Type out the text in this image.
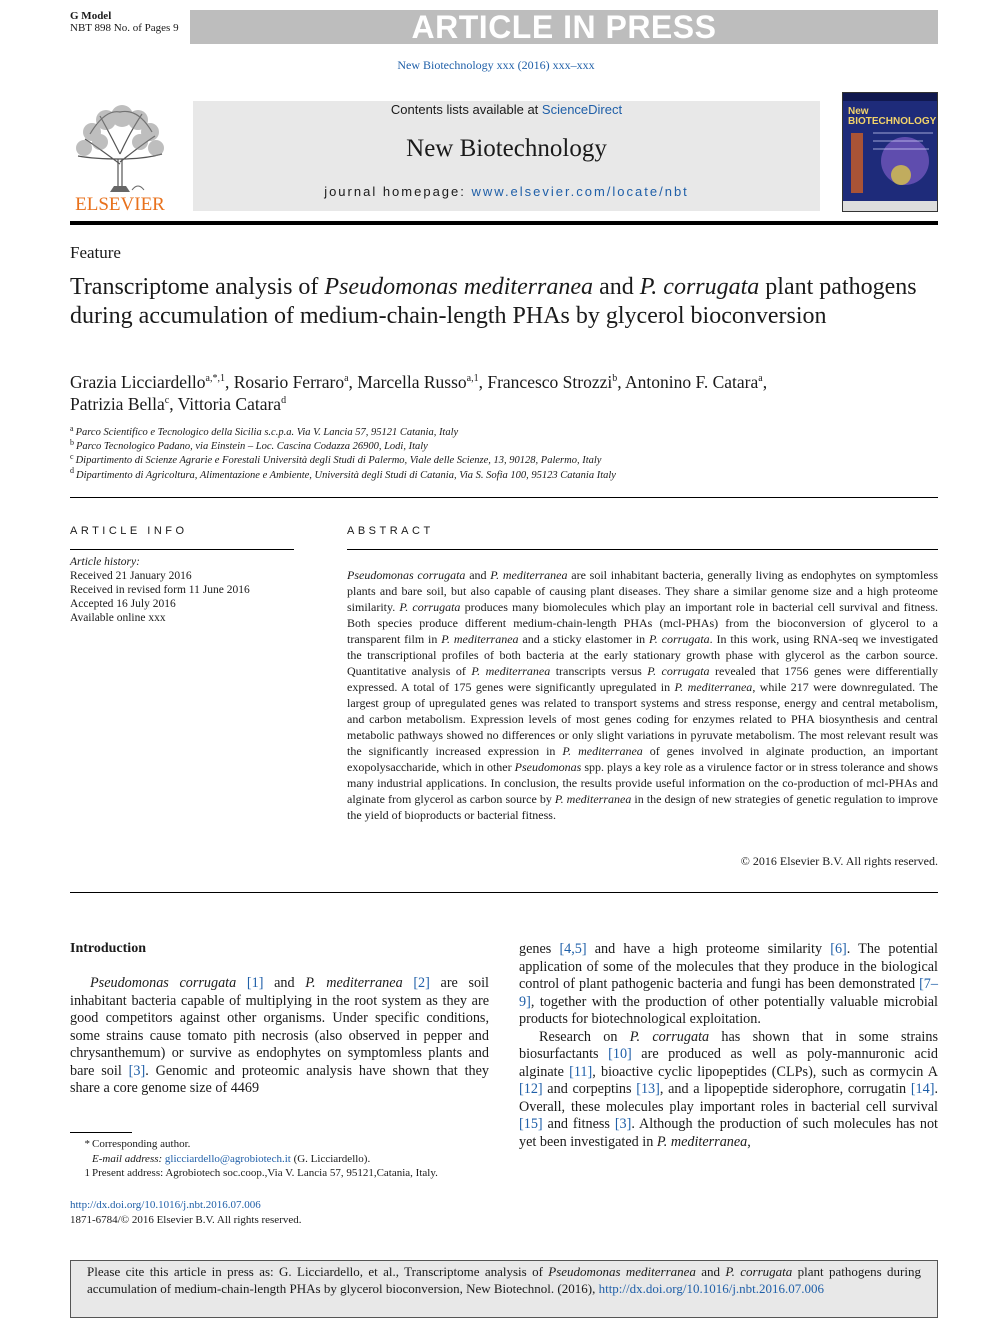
G Model
NBT 898 No. of Pages 9	ARTICLE IN PRESS
New Biotechnology xxx (2016) xxx–xxx
ELSEVIER
Contents lists available at ScienceDirect
New Biotechnology
journal homepage: www.elsevier.com/locate/nbt
New BIOTECHNOLOGY
Feature
Transcriptome analysis of Pseudomonas mediterranea and P. corrugata plant pathogens during accumulation of medium-chain-length PHAs by glycerol bioconversion
Grazia Licciardello$^{a,*,1}$, Rosario Ferraro$^a$, Marcella Russo$^{a,1}$, Francesco Strozzi$^b$, Antonino F. Catara$^a$,
Patrizia Bella$^c$, Vittoria Catara$^d$
$^a$ Parco Scientifico e Tecnologico della Sicilia s.c.p.a. Via V. Lancia 57, 95121 Catania, Italy
$^b$ Parco Tecnologico Padano, via Einstein – Loc. Cascina Codazza 26900, Lodi, Italy
$^c$ Dipartimento di Scienze Agrarie e Forestali Università degli Studi di Palermo, Viale delle Scienze, 13, 90128, Palermo, Italy
$^d$ Dipartimento di Agricoltura, Alimentazione e Ambiente, Università degli Studi di Catania, Via S. Sofia 100, 95123 Catania Italy
ARTICLE INFO
Article history:
Received 21 January 2016
Received in revised form 11 June 2016
Accepted 16 July 2016
Available online xxx
ABSTRACT
Pseudomonas corrugata and P. mediterranea are soil inhabitant bacteria, generally living as endophytes on symptomless plants and bare soil, but also capable of causing plant diseases. They share a similar genome size and a high proteome similarity. P. corrugata produces many biomolecules which play an important role in bacterial cell survival and fitness. Both species produce different medium-chain-length PHAs (mcl-PHAs) from the bioconversion of glycerol to a transparent film in P. mediterranea and a sticky elastomer in P. corrugata. In this work, using RNA-seq we investigated the transcriptional profiles of both bacteria at the early stationary growth phase with glycerol as the carbon source. Quantitative analysis of P. mediterranea transcripts versus P. corrugata revealed that 1756 genes were differentially expressed. A total of 175 genes were significantly upregulated in P. mediterranea, while 217 were downregulated. The largest group of upregulated genes was related to transport systems and stress response, energy and central metabolism, and carbon metabolism. Expression levels of most genes coding for enzymes related to PHA biosynthesis and central metabolic pathways showed no differences or only slight variations in pyruvate metabolism. The most relevant result was the significantly increased expression in P. mediterranea of genes involved in alginate production, an important exopolysaccharide, which in other Pseudomonas spp. plays a key role as a virulence factor or in stress tolerance and shows many industrial applications. In conclusion, the results provide useful information on the co-production of mcl-PHAs and alginate from glycerol as carbon source by P. mediterranea in the design of new strategies of genetic regulation to improve the yield of bioproducts or bacterial fitness.
© 2016 Elsevier B.V. All rights reserved.
Introduction
Pseudomonas corrugata [1] and P. mediterranea [2] are soil inhabitant bacteria capable of multiplying in the root system as they are good competitors against other organisms. Under specific conditions, some strains cause tomato pith necrosis (also observed in pepper and chrysanthemum) or survive as endophytes on symptomless plants and bare soil [3]. Genomic and proteomic analysis have shown that they share a core genome size of 4469

genes [4,5] and have a high proteome similarity [6]. The potential application of some of the molecules that they produce in the biological control of plant pathogenic bacteria and fungi has been demonstrated [7–9], together with the production of other potentially valuable microbial products for biotechnological exploitation.

Research on P. corrugata has shown that in some strains biosurfactants [10] are produced as well as poly-mannuronic acid alginate [11], bioactive cyclic lipopeptides (CLPs), such as cormycin A [12] and corpeptins [13], and a lipopeptide siderophore, corrugatin [14]. Overall, these molecules play important roles in bacterial cell survival [15] and fitness [3]. Although the production of such molecules has not yet been investigated in P. mediterranea,

* Corresponding author.
E-mail address: glicciardello@agrobiotech.it (G. Licciardello).
1 Present address: Agrobiotech soc.coop.,Via V. Lancia 57, 95121,Catania, Italy.
http://dx.doi.org/10.1016/j.nbt.2016.07.006
1871-6784/© 2016 Elsevier B.V. All rights reserved.
Please cite this article in press as: G. Licciardello, et al., Transcriptome analysis of Pseudomonas mediterranea and P. corrugata plant pathogens during accumulation of medium-chain-length PHAs by glycerol bioconversion, New Biotechnol. (2016), http://dx.doi.org/10.1016/j.nbt.2016.07.006
